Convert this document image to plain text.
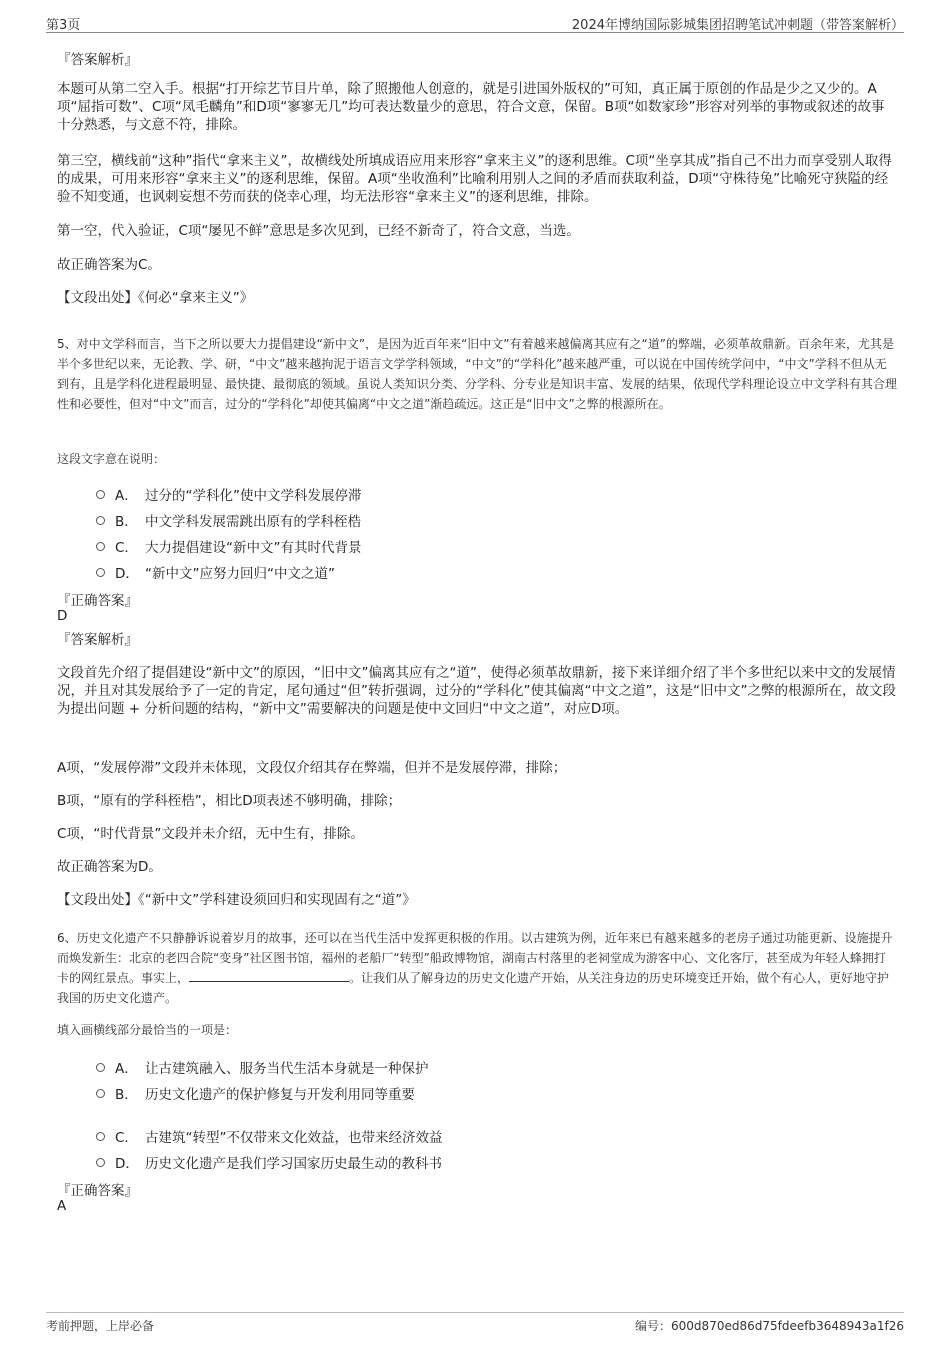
第3页	2024年博纳国际影城集团招聘笔试冲刺题（带答案解析）
『答案解析』
本题可从第二空入手。根据“打开综艺节目片单，除了照搬他人创意的，就是引进国外版权的”可知，真正属于原创的作品是少之又少的。A项“屈指可数”、C项“凤毛麟角”和D项“寥寥无几”均可表达数量少的意思，符合文意，保留。B项“如数家珍”形容对列举的事物或叙述的故事十分熟悉，与文意不符，排除。
第三空，横线前“这种”指代“拿来主义”，故横线处所填成语应用来形容“拿来主义”的逐利思维。C项“坐享其成”指自己不出力而享受别人取得的成果，可用来形容“拿来主义”的逐利思维，保留。A项“坐收渔利”比喻利用别人之间的矛盾而获取利益，D项“守株待兔”比喻死守狭隘的经验不知变通，也讽刺妄想不劳而获的侥幸心理，均无法形容“拿来主义”的逐利思维，排除。
第一空，代入验证，C项“屡见不鲜”意思是多次见到，已经不新奇了，符合文意，当选。
故正确答案为C。
【文段出处】《何必“拿来主义”》
5、对中文学科而言，当下之所以要大力提倡建设“新中文”，是因为近百年来“旧中文”有着越来越偏离其应有之“道”的弊端，必须革故鼎新。百余年来，尤其是半个多世纪以来，无论教、学、研，“中文”越来越拘泥于语言文学学科领域，“中文”的“学科化”越来越严重，可以说在中国传统学问中，“中文”学科不但从无到有，且是学科化进程最明显、最快捷、最彻底的领域。虽说人类知识分类、分学科、分专业是知识丰富、发展的结果，依现代学科理论设立中文学科有其合理性和必要性，但对“中文”而言，过分的“学科化”却使其偏离“中文之道”渐趋疏远。这正是“旧中文”之弊的根源所在。
这段文字意在说明：
A． 过分的“学科化”使中文学科发展停滞
B． 中文学科发展需跳出原有的学科桎梏
C． 大力提倡建设“新中文”有其时代背景
D． “新中文”应努力回归“中文之道”
『正确答案』
D
『答案解析』
文段首先介绍了提倡建设“新中文”的原因，“旧中文”偏离其应有之“道”，使得必须革故鼎新，接下来详细介绍了半个多世纪以来中文的发展情况，并且对其发展给予了一定的肯定，尾句通过“但”转折强调，过分的“学科化”使其偏离“中文之道”，这是“旧中文”之弊的根源所在，故文段为提出问题 + 分析问题的结构，“新中文”需要解决的问题是使中文回归“中文之道”，对应D项。
A项，“发展停滞”文段并未体现，文段仅介绍其存在弊端，但并不是发展停滞，排除；
B项，“原有的学科桎梏”，相比D项表述不够明确，排除；
C项，“时代背景”文段并未介绍，无中生有，排除。
故正确答案为D。
【文段出处】《“新中文”学科建设须回归和实现固有之“道”》
6、历史文化遗产不只静静诉说着岁月的故事，还可以在当代生活中发挥更积极的作用。以古建筑为例，近年来已有越来越多的老房子通过功能更新、设施提升而焕发新生：北京的老四合院“变身”社区图书馆，福州的老船厂“转型”船政博物馆，湖南古村落里的老祠堂成为游客中心、文化客厅，甚至成为年轻人蜂拥打卡的网红景点。事实上，	。让我们从了解身边的历史文化遗产开始，从关注身边的历史环境变迁开始，做个有心人，更好地守护我国的历史文化遗产。
填入画横线部分最恰当的一项是：
A． 让古建筑融入、服务当代生活本身就是一种保护
B． 历史文化遗产的保护修复与开发利用同等重要
C． 古建筑“转型”不仅带来文化效益，也带来经济效益
D． 历史文化遗产是我们学习国家历史最生动的教科书
『正确答案』
A
考前押题，上岸必备	编号：600d870ed86d75fdeefb3648943a1f26
